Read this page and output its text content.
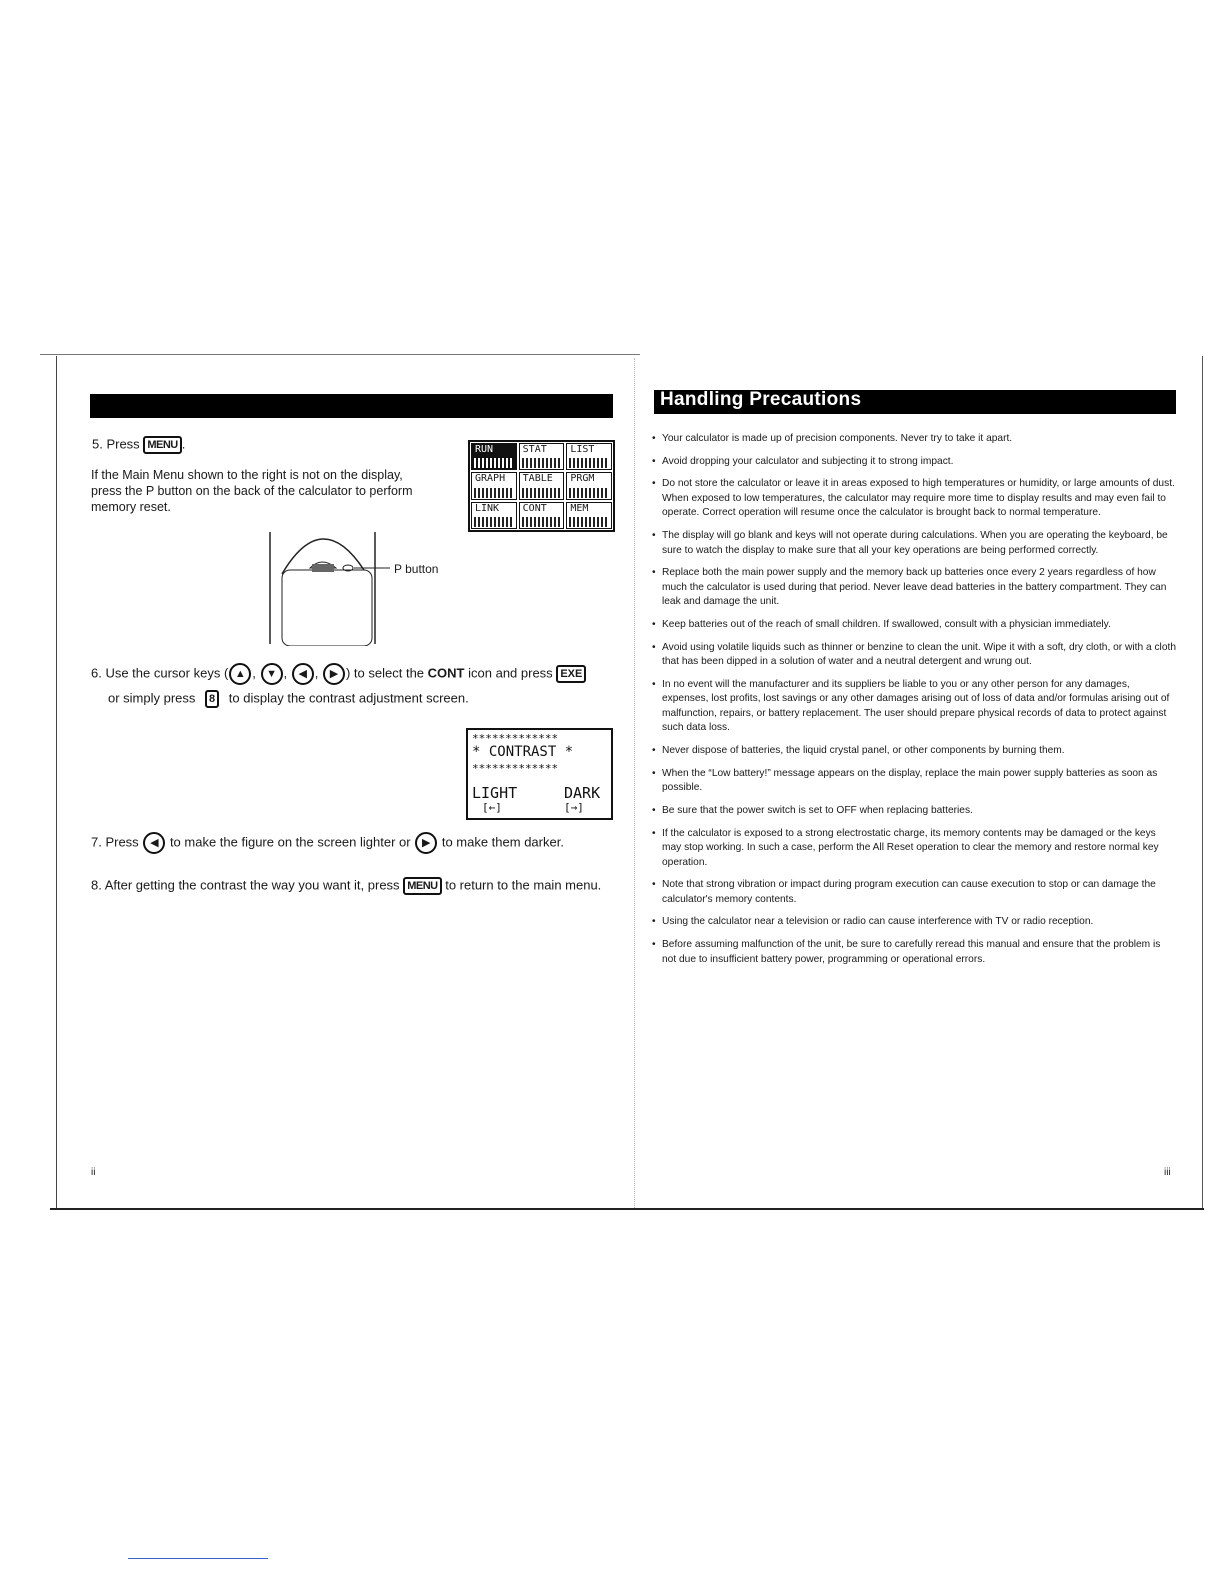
5. Press MENU .
If the Main Menu shown to the right is not on the display, press the P button on the back of the calculator to perform memory reset.
RUN	STAT	LIST
GRAPH	TABLE	PRGM
LINK	CONT	MEM
P button
6. Use the cursor keys ( ▲ , ▼ , ◀ , ▶ ) to select the CONT icon and press EXE
or simply press 8 to display the contrast adjustment screen.
*************
* CONTRAST *
*************
LIGHT	DARK
[←]	[→]
7. Press ◀ to make the figure on the screen lighter or ▶ to make them darker.
8. After getting the contrast the way you want it, press MENU to return to the main menu.
ii
Handling Precautions
• Your calculator is made up of precision components. Never try to take it apart.
• Avoid dropping your calculator and subjecting it to strong impact.
• Do not store the calculator or leave it in areas exposed to high temperatures or humidity, or large amounts of dust. When exposed to low temperatures, the calculator may require more time to display results and may even fail to operate. Correct operation will resume once the calculator is brought back to normal temperature.
• The display will go blank and keys will not operate during calculations. When you are operating the keyboard, be sure to watch the display to make sure that all your key operations are being performed correctly.
• Replace both the main power supply and the memory back up batteries once every 2 years regardless of how much the calculator is used during that period. Never leave dead batteries in the battery compartment. They can leak and damage the unit.
• Keep batteries out of the reach of small children. If swallowed, consult with a physician immediately.
• Avoid using volatile liquids such as thinner or benzine to clean the unit. Wipe it with a soft, dry cloth, or with a cloth that has been dipped in a solution of water and a neutral detergent and wrung out.
• In no event will the manufacturer and its suppliers be liable to you or any other person for any damages, expenses, lost profits, lost savings or any other damages arising out of loss of data and/or formulas arising out of malfunction, repairs, or battery replacement. The user should prepare physical records of data to protect against such data loss.
• Never dispose of batteries, the liquid crystal panel, or other components by burning them.
• When the “Low battery!” message appears on the display, replace the main power supply batteries as soon as possible.
• Be sure that the power switch is set to OFF when replacing batteries.
• If the calculator is exposed to a strong electrostatic charge, its memory contents may be damaged or the keys may stop working. In such a case, perform the All Reset operation to clear the memory and restore normal key operation.
• Note that strong vibration or impact during program execution can cause execution to stop or can damage the calculator's memory contents.
• Using the calculator near a television or radio can cause interference with TV or radio reception.
• Before assuming malfunction of the unit, be sure to carefully reread this manual and ensure that the problem is not due to insufficient battery power, programming or operational errors.
iii
